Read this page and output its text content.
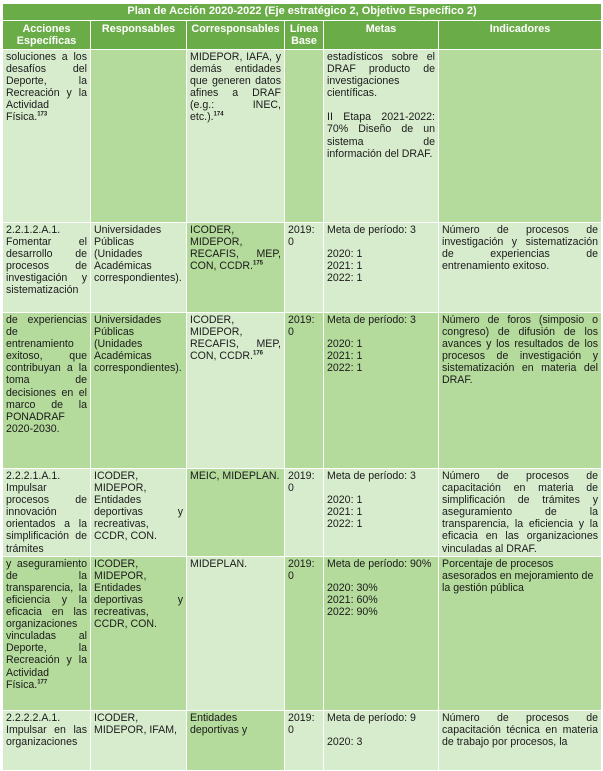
Plan de Acción 2020-2022 (Eje estratégico 2, Objetivo Específico 2)					
Acciones Específicas	Responsables	Corresponsables	Línea Base	Metas	Indicadores
soluciones a los desafíos del Deporte, la Recreación y la Actividad Física.$^{173}$		MIDEPOR, IAFA, y demás entidades que generen datos afines a DRAF (e.g.: INEC, etc.).$^{174}$		estadísticos sobre el DRAF producto de investigaciones científicas.
II Etapa 2021-2022: 70% Diseño de un sistema de información del DRAF.	

2.2.1.2.A.1. Fomentar el desarrollo de procesos de investigación y sistematización	Universidades Públicas (Unidades Académicas correspondientes).	ICODER, MIDEPOR, RECAFIS, MEP, CON, CCDR.$^{175}$	2019: 0	Meta de período: 3
2020: 1
2021: 1
2022: 1	Número de procesos de investigación y sistematización de experiencias de entrenamiento exitoso.

de experiencias de entrenamiento exitoso, que contribuyan a la toma de decisiones en el marco de la PONADRAF 2020-2030.	Universidades Públicas (Unidades Académicas correspondientes).	ICODER, MIDEPOR, RECAFIS, MEP, CON, CCDR.$^{176}$	2019: 0	Meta de período: 3
2020: 1
2021: 1
2022: 1	Número de foros (simposio o congreso) de difusión de los avances y los resultados de los procesos de investigación y sistematización en materia del DRAF.

2.2.2.1.A.1. Impulsar procesos de innovación orientados a la simplificación de trámites	ICODER, MIDEPOR, Entidades deportivas y recreativas, CCDR, CON.	MEIC, MIDEPLAN.	2019: 0	Meta de período: 3
2020: 1
2021: 1
2022: 1	Número de procesos de capacitación en materia de simplificación de trámites y aseguramiento de la transparencia, la eficiencia y la eficacia en las organizaciones vinculadas al DRAF.

y aseguramiento de la transparencia, la eficiencia y la eficacia en las organizaciones vinculadas al Deporte, la Recreación y la Actividad Física.$^{177}$	ICODER, MIDEPOR, Entidades deportivas y recreativas, CCDR, CON.	MIDEPLAN.	2019: 0	Meta de período: 90%
2020: 30%
2021: 60%
2022: 90%	Porcentaje de procesos asesorados en mejoramiento de la gestión pública
2.2.2.2.A.1. Impulsar en las organizaciones	ICODER, MIDEPOR, IFAM,	Entidades deportivas y	2019: 0	Meta de período: 9
2020: 3	Número de procesos de capacitación técnica en materia de trabajo por procesos, la
